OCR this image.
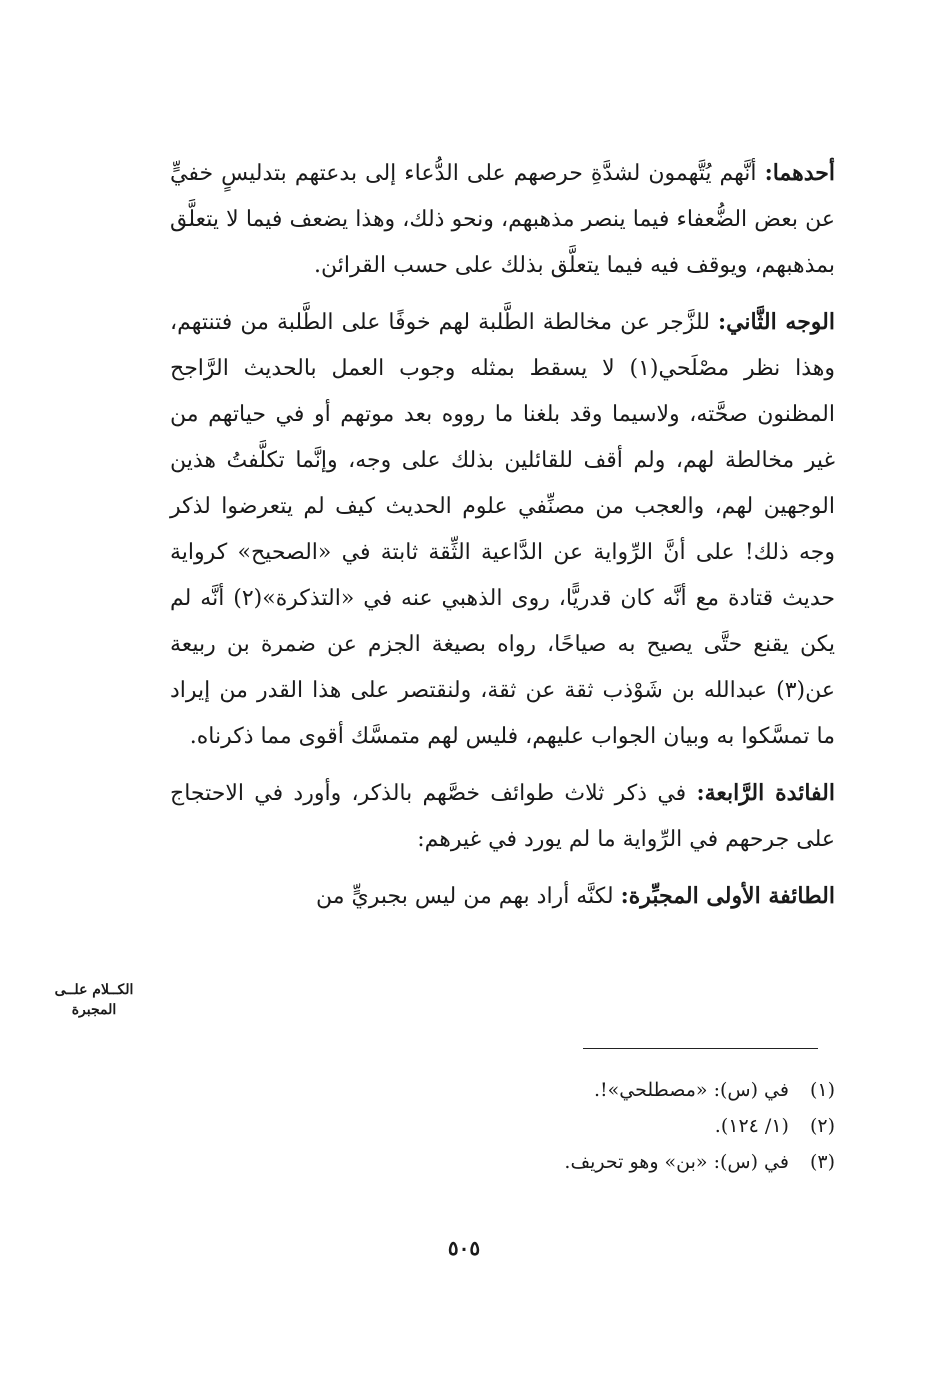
أحدهما: أنَّهم يُتَّهمون لشدَّةِ حرصهم على الدُّعاء إلى بدعتهم بتدليسٍ خفيٍّ عن بعض الضُّعفاء فيما ينصر مذهبهم، ونحو ذلك، وهذا يضعف فيما لا يتعلَّق بمذهبهم، ويوقف فيه فيما يتعلَّق بذلك على حسب القرائن.

الوجه الثَّاني: للزَّجر عن مخالطة الطَّلبة لهم خوفًا على الطَّلبة من فتنتهم، وهذا نظر مصْلَحي(١) لا يسقط بمثله وجوب العمل بالحديث الرَّاجح المظنون صحَّته، ولاسيما وقد بلغنا ما رووه بعد موتهم أو في حياتهم من غير مخالطة لهم، ولم أقف للقائلين بذلك على وجه، وإنَّما تكلَّفتُ هذين الوجهين لهم، والعجب من مصنِّفي علوم الحديث كيف لم يتعرضوا لذكر وجه ذلك! على أنَّ الرِّواية عن الدَّاعية الثِّقة ثابتة في «الصحيح» كرواية حديث قتادة مع أنَّه كان قدريًّا، روى الذهبي عنه في «التذكرة»(٢) أنَّه لم يكن يقنع حتَّى يصيح به صياحًا، رواه بصيغة الجزم عن ضمرة بن ربيعة عن(٣) عبدالله بن شَوْذب ثقة عن ثقة، ولنقتصر على هذا القدر من إيراد ما تمسَّكوا به وبيان الجواب عليهم، فليس لهم متمسَّك أقوى مما ذكرناه.

الفائدة الرَّابعة: في ذكر ثلاث طوائف خصَّهم بالذكر، وأورد في الاحتجاج على جرحهم في الرِّواية ما لم يورد في غيرهم:

الطائفة الأولى المجبِّرة: لكنَّه أراد بهم من ليس بجبريٍّ من

الكــلام علــى المجبرة
(١) في (س): «مصطلحي»!.
(٢) (١/ ١٢٤).
(٣) في (س): «بن» وهو تحريف.
٥٠٥
